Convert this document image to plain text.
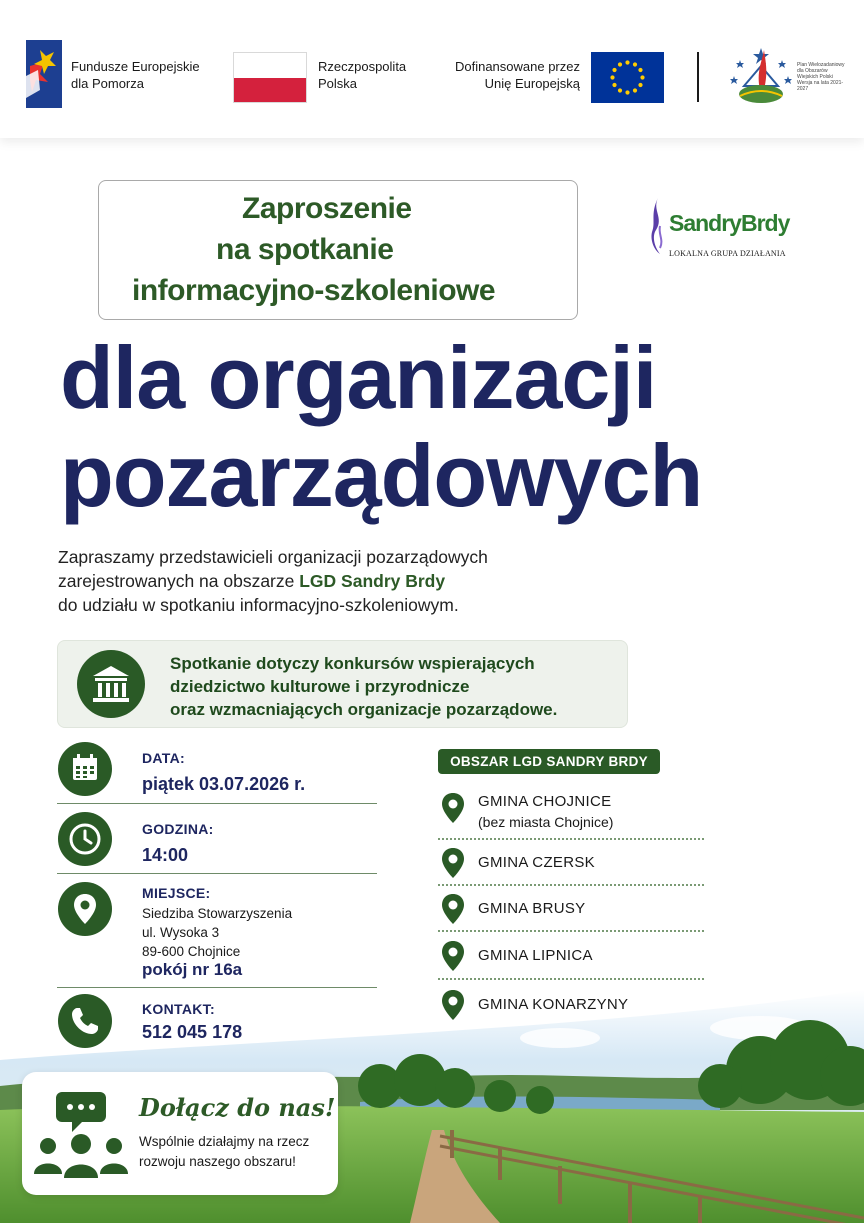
Fundusze Europejskie
dla Pomorza
Rzeczpospolita
Polska
Dofinansowane przez
Unię Europejską
Plan Wielozadaniowy dla Obszarów Wiejskich Polski Wersja na lata 2021-2027
Zaproszenie
na spotkanie
informacyjno-szkoleniowe
SandryBrdy
LOKALNA GRUPA DZIAŁANIA
dla organizacji
pozarządowych
Zapraszamy przedstawicieli organizacji pozarządowych
zarejestrowanych na obszarze LGD Sandry Brdy
do udziału w spotkaniu informacyjno-szkoleniowym.
Spotkanie dotyczy konkursów wspierających
dziedzictwo kulturowe i przyrodnicze
oraz wzmacniających organizacje pozarządowe.
DATA:
piątek 03.07.2026 r.
GODZINA:
14:00
MIEJSCE:
Siedziba Stowarzyszenia
ul. Wysoka 3
89-600 Chojnice
pokój nr 16a
KONTAKT:
512 045 178
OBSZAR LGD SANDRY BRDY
GMINA CHOJNICE
(bez miasta Chojnice)
GMINA CZERSK
GMINA BRUSY
GMINA LIPNICA
GMINA KONARZYNY
Dołącz do nas!
Wspólnie działajmy na rzecz
rozwoju naszego obszaru!
